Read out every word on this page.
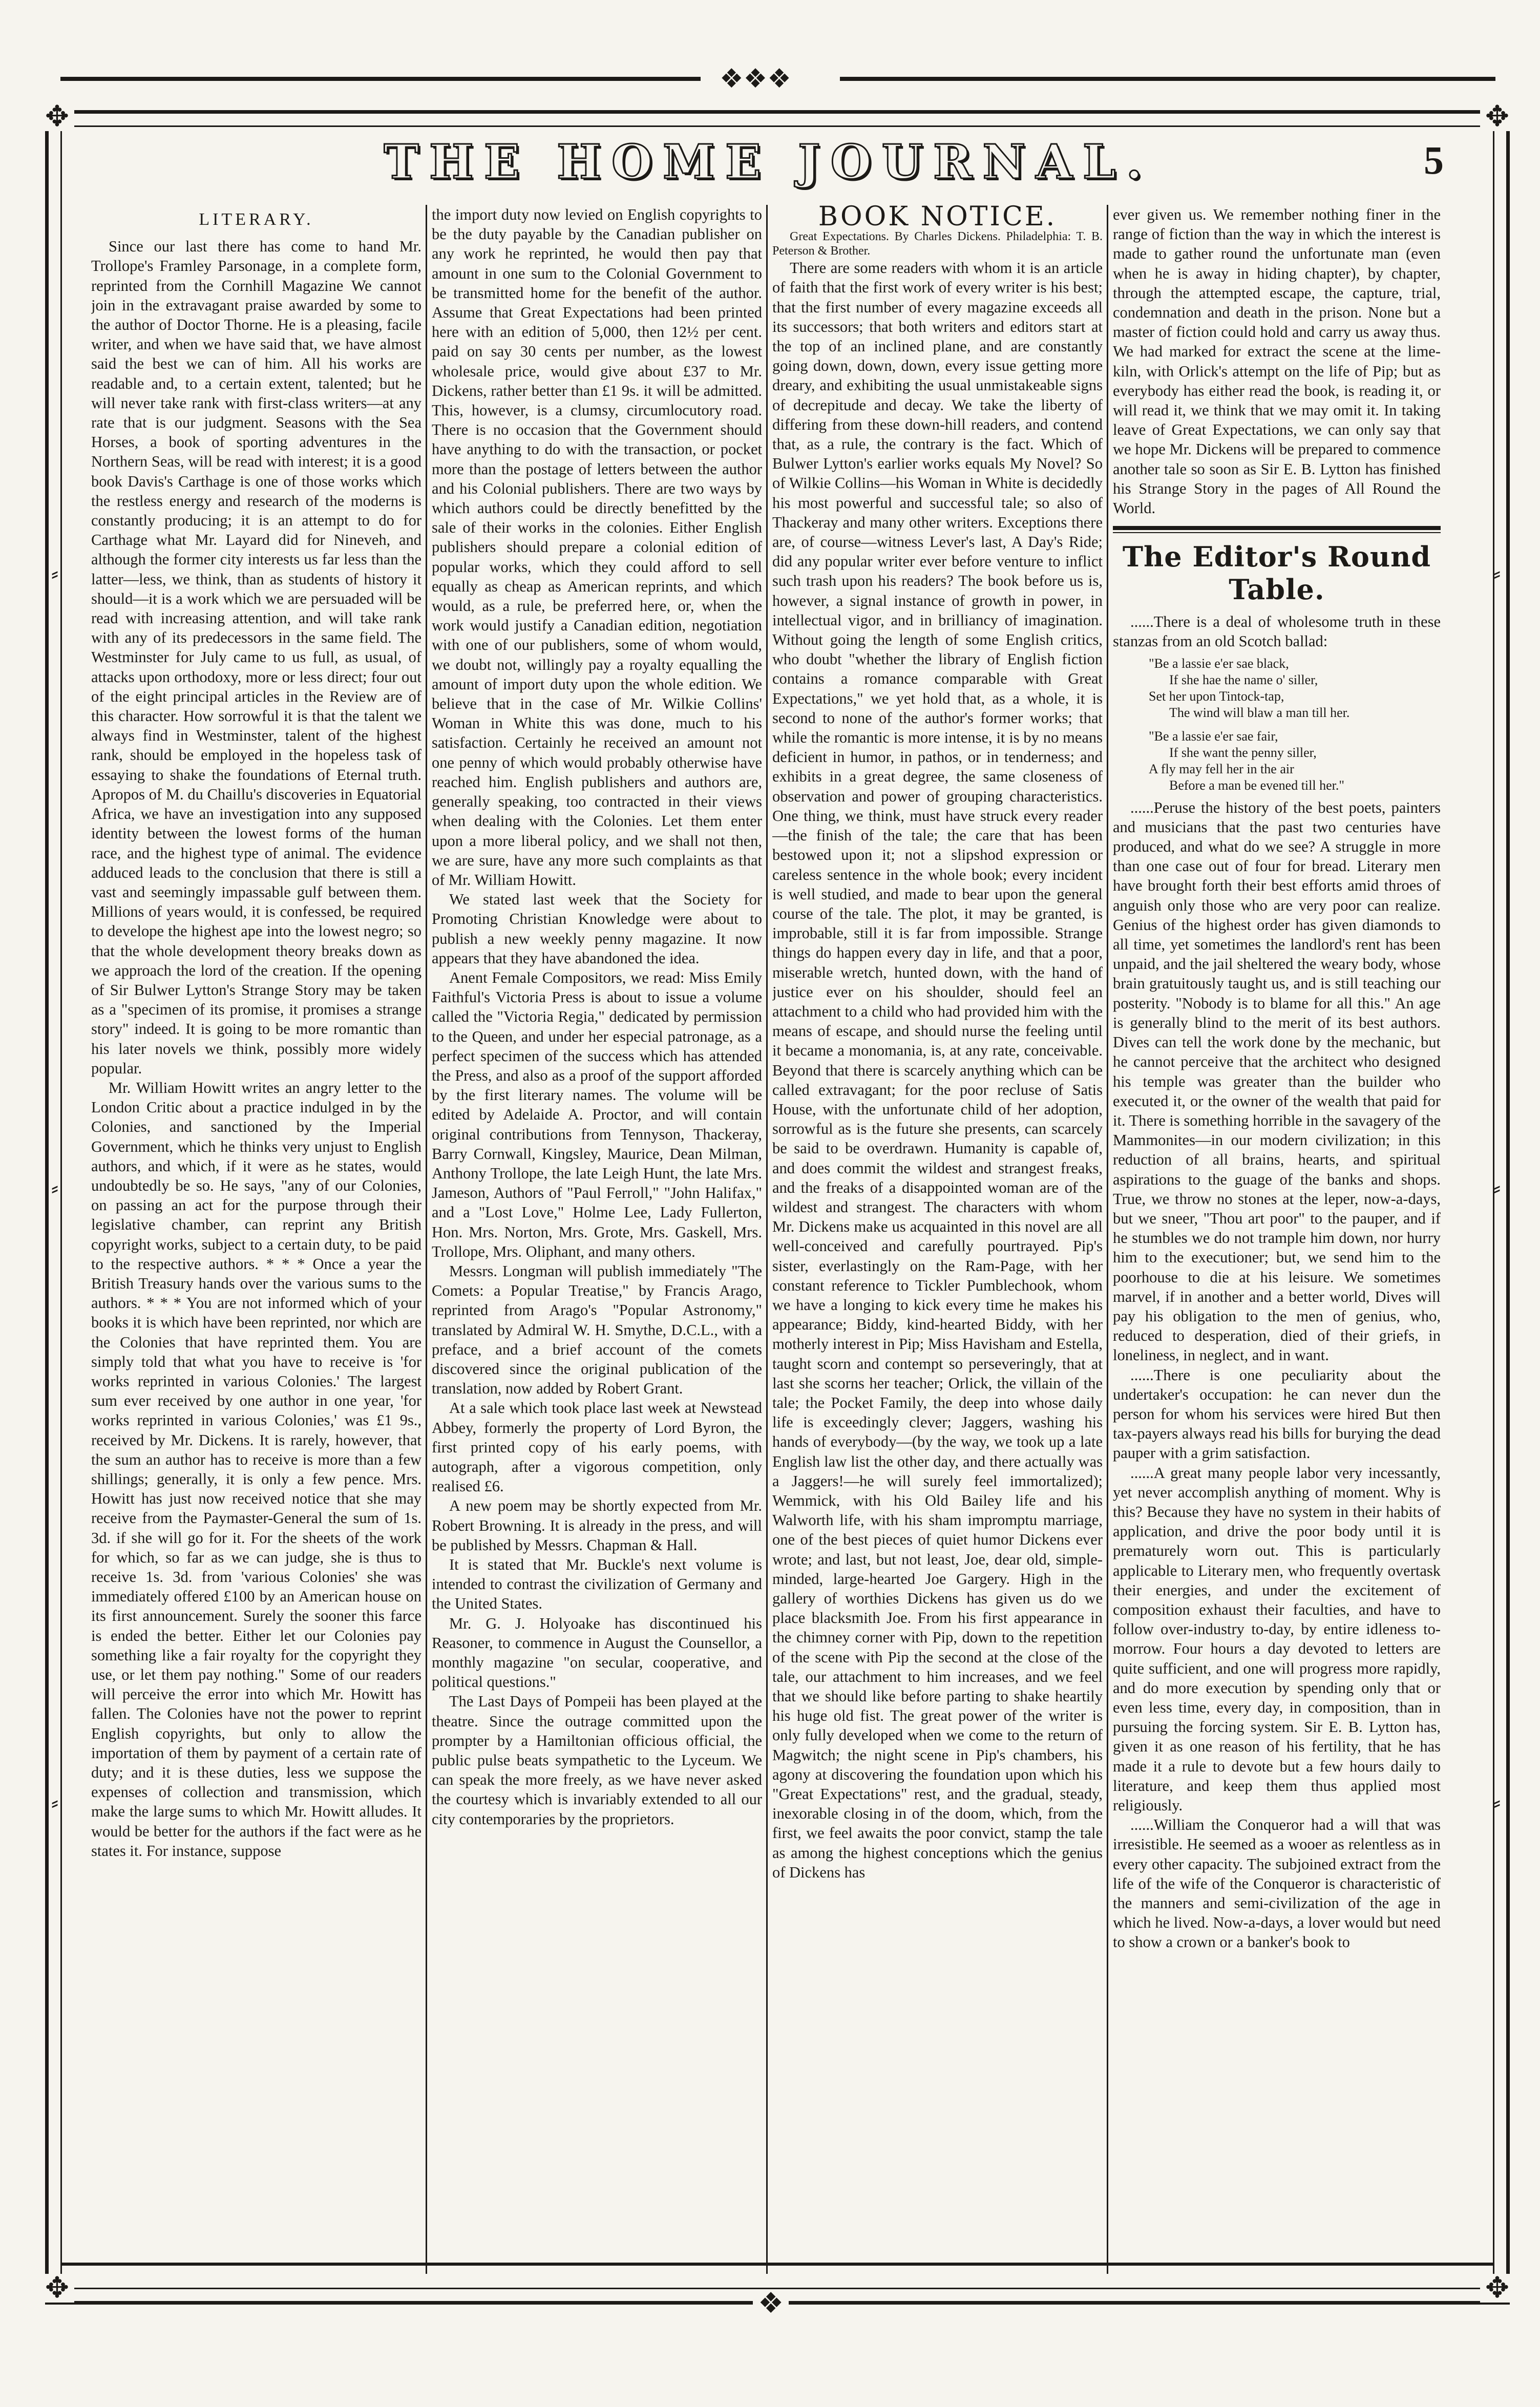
❖❖❖
✥	✥
✥	✥
❖
⸗
⸗
⸗
⸗
⸗
⸗
THE HOME JOURNAL.	5
LITERARY.

Since our last there has come to hand Mr. Trollope's Framley Parsonage, in a complete form, reprinted from the Cornhill Magazine We cannot join in the extravagant praise awarded by some to the author of Doctor Thorne. He is a pleasing, facile writer, and when we have said that, we have almost said the best we can of him. All his works are readable and, to a certain extent, talented; but he will never take rank with first-class writers—at any rate that is our judgment. Seasons with the Sea Horses, a book of sporting adventures in the Northern Seas, will be read with interest; it is a good book Davis's Carthage is one of those works which the restless energy and research of the moderns is constantly producing; it is an attempt to do for Carthage what Mr. Layard did for Nineveh, and although the former city interests us far less than the latter—less, we think, than as students of history it should—it is a work which we are persuaded will be read with increasing attention, and will take rank with any of its predecessors in the same field. The Westminster for July came to us full, as usual, of attacks upon orthodoxy, more or less direct; four out of the eight principal articles in the Review are of this character. How sorrowful it is that the talent we always find in Westminster, talent of the highest rank, should be employed in the hopeless task of essaying to shake the foundations of Eternal truth. Apropos of M. du Chaillu's discoveries in Equatorial Africa, we have an investigation into any supposed identity between the lowest forms of the human race, and the highest type of animal. The evidence adduced leads to the conclusion that there is still a vast and seemingly impassable gulf between them. Millions of years would, it is confessed, be required to develope the highest ape into the lowest negro; so that the whole development theory breaks down as we approach the lord of the creation. If the opening of Sir Bulwer Lytton's Strange Story may be taken as a "specimen of its promise, it promises a strange story" indeed. It is going to be more romantic than his later novels we think, possibly more widely popular.

Mr. William Howitt writes an angry letter to the London Critic about a practice indulged in by the Colonies, and sanctioned by the Imperial Government, which he thinks very unjust to English authors, and which, if it were as he states, would undoubtedly be so. He says, "any of our Colonies, on passing an act for the purpose through their legislative chamber, can reprint any British copyright works, subject to a certain duty, to be paid to the respective authors. * * * Once a year the British Treasury hands over the various sums to the authors. * * * You are not informed which of your books it is which have been reprinted, nor which are the Colonies that have reprinted them. You are simply told that what you have to receive is 'for works reprinted in various Colonies.' The largest sum ever received by one author in one year, 'for works reprinted in various Colonies,' was £1 9s., received by Mr. Dickens. It is rarely, however, that the sum an author has to receive is more than a few shillings; generally, it is only a few pence. Mrs. Howitt has just now received notice that she may receive from the Paymaster-General the sum of 1s. 3d. if she will go for it. For the sheets of the work for which, so far as we can judge, she is thus to receive 1s. 3d. from 'various Colonies' she was immediately offered £100 by an American house on its first announcement. Surely the sooner this farce is ended the better. Either let our Colonies pay something like a fair royalty for the copyright they use, or let them pay nothing." Some of our readers will perceive the error into which Mr. Howitt has fallen. The Colonies have not the power to reprint English copyrights, but only to allow the importation of them by payment of a certain rate of duty; and it is these duties, less we suppose the expenses of collection and transmission, which make the large sums to which Mr. Howitt alludes. It would be better for the authors if the fact were as he states it. For instance, suppose

the import duty now levied on English copyrights to be the duty payable by the Canadian publisher on any work he reprinted, he would then pay that amount in one sum to the Colonial Government to be transmitted home for the benefit of the author. Assume that Great Expectations had been printed here with an edition of 5,000, then 12½ per cent. paid on say 30 cents per number, as the lowest wholesale price, would give about £37 to Mr. Dickens, rather better than £1 9s. it will be admitted. This, however, is a clumsy, circumlocutory road. There is no occasion that the Government should have anything to do with the transaction, or pocket more than the postage of letters between the author and his Colonial publishers. There are two ways by which authors could be directly benefitted by the sale of their works in the colonies. Either English publishers should prepare a colonial edition of popular works, which they could afford to sell equally as cheap as American reprints, and which would, as a rule, be preferred here, or, when the work would justify a Canadian edition, negotiation with one of our publishers, some of whom would, we doubt not, willingly pay a royalty equalling the amount of import duty upon the whole edition. We believe that in the case of Mr. Wilkie Collins' Woman in White this was done, much to his satisfaction. Certainly he received an amount not one penny of which would probably otherwise have reached him. English publishers and authors are, generally speaking, too contracted in their views when dealing with the Colonies. Let them enter upon a more liberal policy, and we shall not then, we are sure, have any more such complaints as that of Mr. William Howitt.

We stated last week that the Society for Promoting Christian Knowledge were about to publish a new weekly penny magazine. It now appears that they have abandoned the idea.

Anent Female Compositors, we read: Miss Emily Faithful's Victoria Press is about to issue a volume called the "Victoria Regia," dedicated by permission to the Queen, and under her especial patronage, as a perfect specimen of the success which has attended the Press, and also as a proof of the support afforded by the first literary names. The volume will be edited by Adelaide A. Proctor, and will contain original contributions from Tennyson, Thackeray, Barry Cornwall, Kingsley, Maurice, Dean Milman, Anthony Trollope, the late Leigh Hunt, the late Mrs. Jameson, Authors of "Paul Ferroll," "John Halifax," and a "Lost Love," Holme Lee, Lady Fullerton, Hon. Mrs. Norton, Mrs. Grote, Mrs. Gaskell, Mrs. Trollope, Mrs. Oliphant, and many others.

Messrs. Longman will publish immediately "The Comets: a Popular Treatise," by Francis Arago, reprinted from Arago's "Popular Astronomy," translated by Admiral W. H. Smythe, D.C.L., with a preface, and a brief account of the comets discovered since the original publication of the translation, now added by Robert Grant.

At a sale which took place last week at Newstead Abbey, formerly the property of Lord Byron, the first printed copy of his early poems, with autograph, after a vigorous competition, only realised £6.

A new poem may be shortly expected from Mr. Robert Browning. It is already in the press, and will be published by Messrs. Chapman & Hall.

It is stated that Mr. Buckle's next volume is intended to contrast the civilization of Germany and the United States.

Mr. G. J. Holyoake has discontinued his Reasoner, to commence in August the Counsellor, a monthly magazine "on secular, cooperative, and political questions."

The Last Days of Pompeii has been played at the theatre. Since the outrage committed upon the prompter by a Hamiltonian officious official, the public pulse beats sympathetic to the Lyceum. We can speak the more freely, as we have never asked the courtesy which is invariably extended to all our city contemporaries by the proprietors.

BOOK NOTICE.

Great Expectations. By Charles Dickens. Philadelphia: T. B. Peterson & Brother.

There are some readers with whom it is an article of faith that the first work of every writer is his best; that the first number of every magazine exceeds all its successors; that both writers and editors start at the top of an inclined plane, and are constantly going down, down, down, every issue getting more dreary, and exhibiting the usual unmistakeable signs of decrepitude and decay. We take the liberty of differing from these down-hill readers, and contend that, as a rule, the contrary is the fact. Which of Bulwer Lytton's earlier works equals My Novel? So of Wilkie Collins—his Woman in White is decidedly his most powerful and successful tale; so also of Thackeray and many other writers. Exceptions there are, of course—witness Lever's last, A Day's Ride; did any popular writer ever before venture to inflict such trash upon his readers? The book before us is, however, a signal instance of growth in power, in intellectual vigor, and in brilliancy of imagination. Without going the length of some English critics, who doubt "whether the library of English fiction contains a romance comparable with Great Expectations," we yet hold that, as a whole, it is second to none of the author's former works; that while the romantic is more intense, it is by no means deficient in humor, in pathos, or in tenderness; and exhibits in a great degree, the same closeness of observation and power of grouping characteristics. One thing, we think, must have struck every reader—the finish of the tale; the care that has been bestowed upon it; not a slipshod expression or careless sentence in the whole book; every incident is well studied, and made to bear upon the general course of the tale. The plot, it may be granted, is improbable, still it is far from impossible. Strange things do happen every day in life, and that a poor, miserable wretch, hunted down, with the hand of justice ever on his shoulder, should feel an attachment to a child who had provided him with the means of escape, and should nurse the feeling until it became a monomania, is, at any rate, conceivable. Beyond that there is scarcely anything which can be called extravagant; for the poor recluse of Satis House, with the unfortunate child of her adoption, sorrowful as is the future she presents, can scarcely be said to be overdrawn. Humanity is capable of, and does commit the wildest and strangest freaks, and the freaks of a disappointed woman are of the wildest and strangest. The characters with whom Mr. Dickens make us acquainted in this novel are all well-conceived and carefully pourtrayed. Pip's sister, everlastingly on the Ram-Page, with her constant reference to Tickler Pumblechook, whom we have a longing to kick every time he makes his appearance; Biddy, kind-hearted Biddy, with her motherly interest in Pip; Miss Havisham and Estella, taught scorn and contempt so perseveringly, that at last she scorns her teacher; Orlick, the villain of the tale; the Pocket Family, the deep into whose daily life is exceedingly clever; Jaggers, washing his hands of everybody—(by the way, we took up a late English law list the other day, and there actually was a Jaggers!—he will surely feel immortalized); Wemmick, with his Old Bailey life and his Walworth life, with his sham impromptu marriage, one of the best pieces of quiet humor Dickens ever wrote; and last, but not least, Joe, dear old, simple-minded, large-hearted Joe Gargery. High in the gallery of worthies Dickens has given us do we place blacksmith Joe. From his first appearance in the chimney corner with Pip, down to the repetition of the scene with Pip the second at the close of the tale, our attachment to him increases, and we feel that we should like before parting to shake heartily his huge old fist. The great power of the writer is only fully developed when we come to the return of Magwitch; the night scene in Pip's chambers, his agony at discovering the foundation upon which his "Great Expectations" rest, and the gradual, steady, inexorable closing in of the doom, which, from the first, we feel awaits the poor convict, stamp the tale as among the highest conceptions which the genius of Dickens has

ever given us. We remember nothing finer in the range of fiction than the way in which the interest is made to gather round the unfortunate man (even when he is away in hiding chapter), by chapter, through the attempted escape, the capture, trial, condemnation and death in the prison. None but a master of fiction could hold and carry us away thus. We had marked for extract the scene at the lime-kiln, with Orlick's attempt on the life of Pip; but as everybody has either read the book, is reading it, or will read it, we think that we may omit it. In taking leave of Great Expectations, we can only say that we hope Mr. Dickens will be prepared to commence another tale so soon as Sir E. B. Lytton has finished his Strange Story in the pages of All Round the World.

The Editor's Round Table.

......There is a deal of wholesome truth in these stanzas from an old Scotch ballad:

"Be a lassie e'er sae black,
If she hae the name o' siller,
Set her upon Tintock-tap,
The wind will blaw a man till her.
"Be a lassie e'er sae fair,
If she want the penny siller,
A fly may fell her in the air
Before a man be evened till her."

......Peruse the history of the best poets, painters and musicians that the past two centuries have produced, and what do we see? A struggle in more than one case out of four for bread. Literary men have brought forth their best efforts amid throes of anguish only those who are very poor can realize. Genius of the highest order has given diamonds to all time, yet sometimes the landlord's rent has been unpaid, and the jail sheltered the weary body, whose brain gratuitously taught us, and is still teaching our posterity. "Nobody is to blame for all this." An age is generally blind to the merit of its best authors. Dives can tell the work done by the mechanic, but he cannot perceive that the architect who designed his temple was greater than the builder who executed it, or the owner of the wealth that paid for it. There is something horrible in the savagery of the Mammonites—in our modern civilization; in this reduction of all brains, hearts, and spiritual aspirations to the guage of the banks and shops. True, we throw no stones at the leper, now-a-days, but we sneer, "Thou art poor" to the pauper, and if he stumbles we do not trample him down, nor hurry him to the executioner; but, we send him to the poorhouse to die at his leisure. We sometimes marvel, if in another and a better world, Dives will pay his obligation to the men of genius, who, reduced to desperation, died of their griefs, in loneliness, in neglect, and in want.

......There is one peculiarity about the undertaker's occupation: he can never dun the person for whom his services were hired But then tax-payers always read his bills for burying the dead pauper with a grim satisfaction.

......A great many people labor very incessantly, yet never accomplish anything of moment. Why is this? Because they have no system in their habits of application, and drive the poor body until it is prematurely worn out. This is particularly applicable to Literary men, who frequently overtask their energies, and under the excitement of composition exhaust their faculties, and have to follow over-industry to-day, by entire idleness to-morrow. Four hours a day devoted to letters are quite sufficient, and one will progress more rapidly, and do more execution by spending only that or even less time, every day, in composition, than in pursuing the forcing system. Sir E. B. Lytton has, given it as one reason of his fertility, that he has made it a rule to devote but a few hours daily to literature, and keep them thus applied most religiously.

......William the Conqueror had a will that was irresistible. He seemed as a wooer as relentless as in every other capacity. The subjoined extract from the life of the wife of the Conqueror is characteristic of the manners and semi-civilization of the age in which he lived. Now-a-days, a lover would but need to show a crown or a banker's book to
